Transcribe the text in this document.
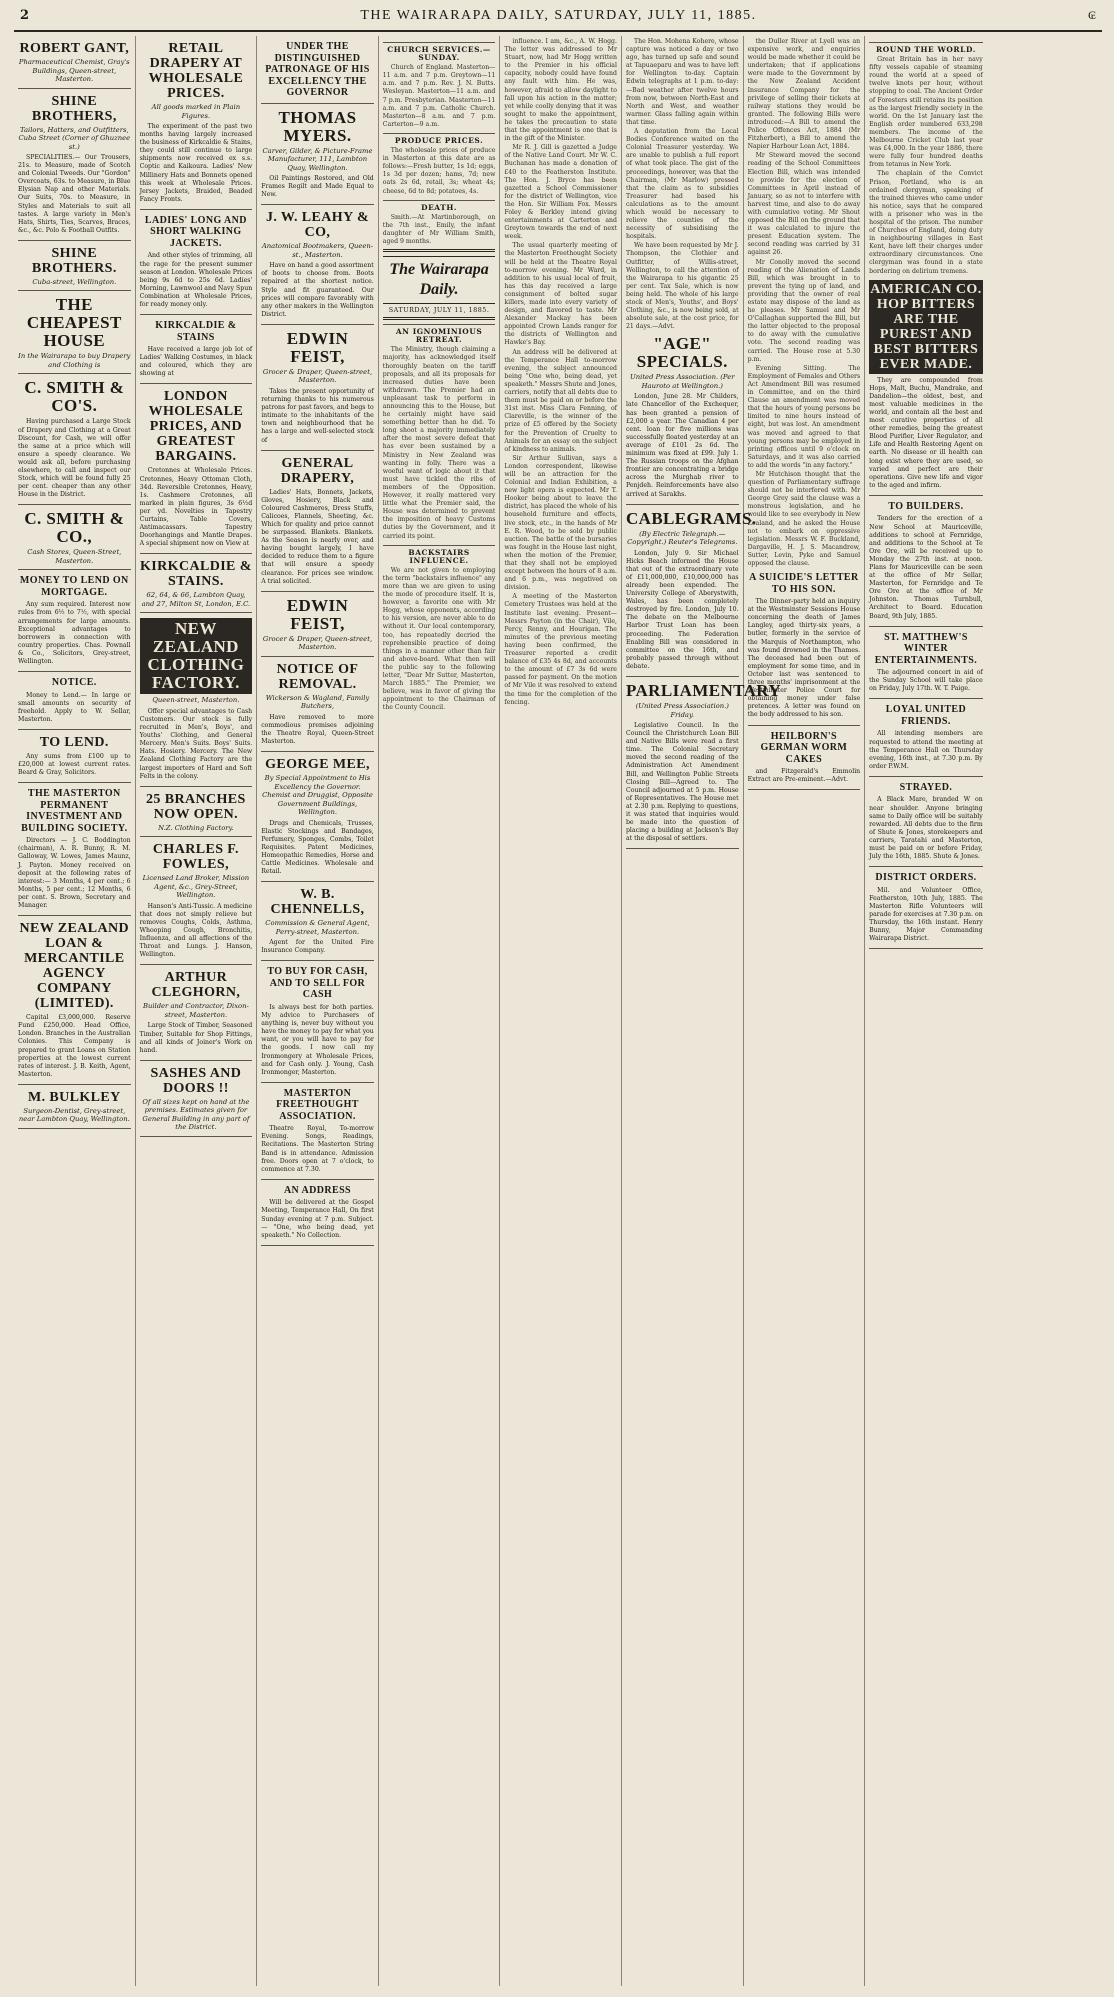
2	THE WAIRARAPA DAILY, SATURDAY, JULY 11, 1885.	₢
ROBERT GANT,
Pharmaceutical Chemist, Gray's Buildings, Queen-street, Masterton.
SHINE BROTHERS,
Tailors, Hatters, and Outfitters, Cuba Street (Corner of Ghuznee st.)
SPECIALITIES.— Our Trousers, 21s. to Measure, made of Scotch and Colonial Tweeds. Our "Gordon" Overcoats, 63s. to Measure, in Blue Elysian Nap and other Materials. Our Suits, 70s. to Measure, in Styles and Materials to suit all tastes. A large variety in Men's Hats, Shirts, Ties, Scarves, Braces, &c., &c. Polo & Football Outfits.
SHINE BROTHERS.
Cuba-street, Wellington.
THE CHEAPEST HOUSE
In the Wairarapa to buy Drapery and Clothing is
C. SMITH & CO'S.
Having purchased a Large Stock of Drapery and Clothing at a Great Discount, for Cash, we will offer the same at a price which will ensure a speedy clearance. We would ask all, before purchasing elsewhere, to call and inspect our Stock, which will be found fully 25 per cent. cheaper than any other House in the District.
C. SMITH & CO.,
Cash Stores, Queen-Street, Masterton.
MONEY TO LEND ON MORTGAGE.
Any sum required. Interest now rules from 6½ to 7½, with special arrangements for large amounts. Exceptional advantages to borrowers in connection with country properties. Chas. Pownall & Co., Solicitors, Grey-street, Wellington.
NOTICE.
Money to Lend.— In large or small amounts on security of freehold. Apply to W. Sellar, Masterton.
TO LEND.
Any sums from £100 up to £20,000 at lowest current rates. Beard & Gray, Solicitors.
THE MASTERTON PERMANENT INVESTMENT AND BUILDING SOCIETY.
Directors — J. C. Boddington (chairman), A. R. Bunny, R. M. Galloway, W. Lowes, James Maunz, J. Payton. Money received on deposit at the following rates of interest:— 3 Months, 4 per cent.; 6 Months, 5 per cent.; 12 Months, 6 per cent. S. Brown, Secretary and Manager.
NEW ZEALAND LOAN & MERCANTILE AGENCY COMPANY (LIMITED).
Capital £3,000,000. Reserve Fund £250,000. Head Office, London. Branches in the Australian Colonies. This Company is prepared to grant Loans on Station properties at the lowest current rates of interest. J. B. Keith, Agent, Masterton.
M. BULKLEY
Surgeon-Dentist, Grey-street, near Lambton Quay, Wellington.
RETAIL DRAPERY AT WHOLESALE PRICES.
All goods marked in Plain Figures.
The experiment of the past two months having largely increased the business of Kirkcaldie & Stains, they could still continue to large shipments now received ex s.s. Coptic and Kaikoura. Ladies' New Millinery Hats and Bonnets opened this week at Wholesale Prices. Jersey Jackets, Braided, Beaded Fancy Fronts.
LADIES' LONG AND SHORT WALKING JACKETS.
And other styles of trimming, all the rage for the present summer season at London. Wholesale Prices being 9s 6d to 25s 6d. Ladies' Morning, Lawnwool and Navy Spun Combination at Wholesale Prices, for ready money only.
KIRKCALDIE & STAINS
Have received a large job lot of Ladies' Walking Costumes, in black and coloured, which they are showing at
LONDON WHOLESALE PRICES, AND GREATEST BARGAINS.
Cretonnes at Wholesale Prices. Cretonnes, Heavy Ottoman Cloth, 34d. Reversible Cretonnes, Heavy, 1s. Cashmere Cretonnes, all marked in plain figures, 3s 6½d per yd. Novelties in Tapestry Curtains, Table Covers, Antimacassars. Tapestry Doorhangings and Mantle Drapes. A special shipment now on View at
KIRKCALDIE & STAINS.
62, 64, & 66, Lambton Quay, and 27, Milton St, London, E.C.
NEW ZEALAND CLOTHING FACTORY.
Queen-street, Masterton.
Offer special advantages to Cash Customers. Our stock is fully recruited in Men's, Boys', and Youths' Clothing, and General Mercery. Men's Suits. Boys' Suits. Hats. Hosiery. Mercery. The New Zealand Clothing Factory are the largest importers of Hard and Soft Felts in the colony.
25 BRANCHES NOW OPEN.
N.Z. Clothing Factory.
CHARLES F. FOWLES,
Licensed Land Broker, Mission Agent, &c., Grey-Street, Wellington.
Hanson's Anti-Tussic. A medicine that does not simply relieve but removes Coughs, Colds, Asthma, Whooping Cough, Bronchitis, Influenza, and all affections of the Throat and Lungs. J. Hanson, Wellington.
ARTHUR CLEGHORN,
Builder and Contractor, Dixon-street, Masterton.
Large Stock of Timber, Seasoned Timber, Suitable for Shop Fittings, and all kinds of Joiner's Work on hand.
SASHES AND DOORS !!
Of all sizes kept on hand at the premises. Estimates given for General Building in any part of the District.
UNDER THE DISTINGUISHED PATRONAGE OF HIS EXCELLENCY THE GOVERNOR
THOMAS MYERS.
Carver, Gilder, & Picture-Frame Manufacturer, 111, Lambton Quay, Wellington.
Oil Paintings Restored, and Old Frames Regilt and Made Equal to New.
J. W. LEAHY & CO,
Anatomical Bootmakers, Queen-st., Masterton.
Have on hand a good assortment of boots to choose from. Boots repaired at the shortest notice. Style and fit guaranteed. Our prices will compare favorably with any other makers in the Wellington District.
EDWIN FEIST,
Grocer & Draper, Queen-street, Masterton.
Takes the present opportunity of returning thanks to his numerous patrons for past favors, and begs to intimate to the inhabitants of the town and neighbourhood that he has a large and well-selected stock of
GENERAL DRAPERY,
Ladies' Hats, Bonnets, Jackets, Gloves, Hosiery, Black and Coloured Cashmeres, Dress Stuffs, Calicoes, Flannels, Sheeting, &c. Which for quality and price cannot be surpassed. Blankets. Blankets. As the Season is nearly over, and having bought largely, I have decided to reduce them to a figure that will ensure a speedy clearance. For prices see window. A trial solicited.
EDWIN FEIST,
Grocer & Draper, Queen-street, Masterton.
NOTICE OF REMOVAL.
Wickerson & Wagland, Family Butchers,
Have removed to more commodious premises adjoining the Theatre Royal, Queen-Street Masterton.
GEORGE MEE,
By Special Appointment to His Excellency the Governor. Chemist and Druggist, Opposite Government Buildings, Wellington.
Drugs and Chemicals, Trusses, Elastic Stockings and Bandages, Perfumery, Sponges, Combs, Toilet Requisites. Patent Medicines, Homeopathic Remedies, Horse and Cattle Medicines. Wholesale and Retail.
W. B. CHENNELLS,
Commission & General Agent, Perry-street, Masterton.
Agent for the United Fire Insurance Company.
TO BUY FOR CASH, AND TO SELL FOR CASH
Is always best for both parties. My advice to Purchasers of anything is, never buy without you have the money to pay for what you want, or you will have to pay for the goods. I now call my Ironmongery at Wholesale Prices, and for Cash only. J. Young, Cash Ironmonger, Masterton.
MASTERTON FREETHOUGHT ASSOCIATION.
Theatre Royal, To-morrow Evening. Songs, Readings, Recitations. The Masterton String Band is in attendance. Admission free. Doors open at 7 o'clock, to commence at 7.30.
AN ADDRESS
Will be delivered at the Gospel Meeting, Temperance Hall, On first Sunday evening at 7 p.m. Subject.— "One, who being dead, yet speaketh." No Collection.
CHURCH SERVICES.—SUNDAY.
Church of England. Masterton—11 a.m. and 7 p.m. Greytown—11 a.m. and 7 p.m. Rev. J. N. Butts. Wesleyan. Masterton—11 a.m. and 7 p.m. Presbyterian. Masterton—11 a.m. and 7 p.m. Catholic Church. Masterton—8 a.m. and 7 p.m. Carterton—9 a.m.
PRODUCE PRICES.
The wholesale prices of produce in Masterton at this date are as follows:—Fresh butter, 1s 1d; eggs, 1s 3d per dozen; hams, 7d; new oats 2s 6d, retail, 3s; wheat 4s; cheese, 6d to 8d; potatoes, 4s.
DEATH.
Smith.—At Martinborough, on the 7th inst., Emily, the infant daughter of Mr William Smith, aged 9 months.
The Wairarapa Daily.
SATURDAY, JULY 11, 1885.
AN IGNOMINIOUS RETREAT.
The Ministry, though claiming a majority, has acknowledged itself thoroughly beaten on the tariff proposals, and all its proposals for increased duties have been withdrawn. The Premier had an unpleasant task to perform in announcing this to the House, but he certainly might have said something better than he did. To long shoot a majority immediately after the most severe defeat that has ever been sustained by a Ministry in New Zealand was wanting in folly. There was a woeful want of logic about it that must have tickled the ribs of members of the Opposition. However, it really mattered very little what the Premier said, the House was determined to prevent the imposition of heavy Customs duties by the Government, and it carried its point.
BACKSTAIRS INFLUENCE.
We are not given to employing the term "backstairs influence" any more than we are given to using the mode of procedure itself. It is, however, a favorite one with Mr Hogg, whose opponents, according to his version, are never able to do without it. Our local contemporary, too, has repeatedly decried the reprehensible practice of doing things in a manner other than fair and above-board. What then will the public say to the following letter, "Dear Mr Sutter, Masterton, March 1885." The Premier, we believe, was in favor of giving the appointment to the Chairman of the County Council.
influence. I am, &c., A. W. Hogg. The letter was addressed to Mr Stuart, now, had Mr Hogg written to the Premier in his official capacity, nobody could have found any fault with him. He was, however, afraid to allow daylight to fall upon his action in the matter; yet while coolly denying that it was sought to make the appointment, he takes the precaution to state that the appointment is one that is in the gift of the Minister.
Mr R. J. Gill is gazetted a Judge of the Native Land Court. Mr W. C. Buchanan has made a donation of £40 to the Featherston Institute. The Hon. J. Bryce has been gazetted a School Commissioner for the district of Wellington, vice the Hon. Sir William Fox. Messrs Foley & Berkley intend giving entertainments at Carterton and Greytown towards the end of next week.
The usual quarterly meeting of the Masterton Freethought Society will be held at the Theatre Royal to-morrow evening. Mr Ward, in addition to his usual local of fruit, has this day received a large consignment of bolted sugar killers, made into every variety of design, and flavored to taste. Mr Alexander Mackay has been appointed Crown Lands ranger for the districts of Wellington and Hawke's Bay.
An address will be delivered at the Temperance Hall to-morrow evening, the subject announced being "One who, being dead, yet speaketh." Messrs Shute and Jones, carriers, notify that all debts due to them must be paid on or before the 31st inst. Miss Clara Fenning, of Clareville, is the winner of the prize of £5 offered by the Society for the Prevention of Cruelty to Animals for an essay on the subject of kindness to animals.
Sir Arthur Sullivan, says a London correspondent, likewise will be an attraction for the Colonial and Indian Exhibition, a new light opera is expected. Mr T. Hooker being about to leave the district, has placed the whole of his household furniture and effects, live stock, etc., in the hands of Mr E. R. Wood, to be sold by public auction. The battle of the bursaries was fought in the House last night, when the motion of the Premier, that they shall not be employed except between the hours of 8 a.m. and 6 p.m., was negatived on division.
A meeting of the Masterton Cemetery Trustees was held at the Institute last evening. Present—Messrs Payton (in the Chair), Vile, Percy, Renny, and Hourigan. The minutes of the previous meeting having been confirmed, the Treasurer reported a credit balance of £35 4s 8d, and accounts to the amount of £7 3s 6d were passed for payment. On the motion of Mr Vile it was resolved to extend the time for the completion of the fencing.
The Hon. Mohena Kohere, whose capture was noticed a day or two ago, has turned up safe and sound at Tapuaeparu and was to have left for Wellington to-day. Captain Edwin telegraphs at 1 p.m. to-day:—Bad weather after twelve hours from now, between North-East and North and West, and weather warmer. Glass falling again within that time.
A deputation from the Local Bodies Conference waited on the Colonial Treasurer yesterday. We are unable to publish a full report of what took place. The gist of the proceedings, however, was that the Chairman, (Mr Marlow) pressed that the claim as to subsidies Treasurer had based his calculations as to the amount which would be necessary to relieve the counties of the necessity of subsidising the hospitals.
We have been requested by Mr J. Thompson, the Clothier and Outfitter, of Willis-street, Wellington, to call the attention of the Wairarapa to his gigantic 25 per cent. Tax Sale, which is now being held. The whole of his large stock of Men's, Youths', and Boys' Clothing, &c., is now being sold, at absolute sale, at the cost price, for 21 days.—Advt.
"AGE" SPECIALS.
United Press Association. (Per Hauroto at Wellington.)
London, June 28. Mr Childers, late Chancellor of the Exchequer, has been granted a pension of £2,000 a year. The Canadian 4 per cent. loan for five millions was successfully floated yesterday at an average of £101 2s 6d. The minimum was fixed at £99. July 1. The Russian troops on the Afghan frontier are concentrating a bridge across the Murghab river to Penjdeh. Reinforcements have also arrived at Sarakhs.
CABLEGRAMS.
(By Electric Telegraph.—Copyright.) Reuter's Telegrams.
London, July 9. Sir Michael Hicks Beach informed the House that out of the extraordinary vote of £11,000,000, £10,000,000 has already been expended. The University College of Aberystwith, Wales, has been completely destroyed by fire. London, July 10. The debate on the Melbourne Harbor Trust Loan has been proceeding. The Federation Enabling Bill was considered in committee on the 16th, and probably passed through without debate.
PARLIAMENTARY
(United Press Association.) Friday.
Legislative Council. In the Council the Christchurch Loan Bill and Native Bills were read a first time. The Colonial Secretary moved the second reading of the Administration Act Amendment Bill, and Wellington Public Streets Closing Bill—Agreed to. The Council adjourned at 5 p.m. House of Representatives. The House met at 2.30 p.m. Replying to questions, it was stated that inquiries would be made into the question of placing a building at Jackson's Bay at the disposal of settlers.
the Duller River at Lyell was an expensive work, and enquiries would be made whether it could be undertaken; that if applications were made to the Government by the New Zealand Accident Insurance Company for the privilege of selling their tickets at railway stations they would be granted. The following Bills were introduced:—A Bill to amend the Police Offences Act, 1884 (Mr Fitzherbert), a Bill to amend the Napier Harbour Loan Act, 1884.
Mr Steward moved the second reading of the School Committees Election Bill, which was intended to provide for the election of Committees in April instead of January, so as not to interfere with harvest time, and also to do away with cumulative voting. Mr Shout opposed the Bill on the ground that it was calculated to injure the present Education system. The second reading was carried by 31 against 26.
Mr Conolly moved the second reading of the Alienation of Lands Bill, which was brought in to prevent the tying up of land, and providing that the owner of real estate may dispose of the land as he pleases. Mr Samuel and Mr O'Callaghan supported the Bill, but the latter objected to the proposal to do away with the cumulative vote. The second reading was carried. The House rose at 5.30 p.m.
Evening Sitting. The Employment of Females and Others Act Amendment Bill was resumed in Committee, and on the third Clause an amendment was moved that the hours of young persons be limited to nine hours instead of eight, but was lost. An amendment was moved and agreed to that young persons may be employed in printing offices until 9 o'clock on Saturdays, and it was also carried to add the words "in any factory."
Mr Hutchison thought that the question of Parliamentary suffrage should not be interfered with. Mr George Grey said the clause was a monstrous legislation, and he would like to see everybody in New Zealand, and he asked the House not to embark on oppressive legislation. Messrs W. F. Buckland, Dargaville, H. J. S. Macandrew, Sutter, Levin, Pyke and Samuel opposed the clause.
A SUICIDE'S LETTER TO HIS SON.
The Dinner-party held an inquiry at the Westminster Sessions House concerning the death of James Langley, aged thirty-six years, a butler, formerly in the service of the Marquis of Northampton, who was found drowned in the Thames. The deceased had been out of employment for some time, and in October last was sentenced to three months' imprisonment at the Westminster Police Court for obtaining money under false pretences. A letter was found on the body addressed to his son.
HEILBORN'S GERMAN WORM CAKES
and Fitzgerald's Emmolin Extract are Pre-eminent.—Advt.
ROUND THE WORLD.
Great Britain has in her navy fifty vessels capable of steaming round the world at a speed of twelve knots per hour, without stopping to coal. The Ancient Order of Foresters still retains its position as the largest friendly society in the world. On the 1st January last the English order numbered 633,298 members. The income of the Melbourne Cricket Club last year was £4,000. In the year 1886, there were fully four hundred deaths from tetanus in New York.
The chaplain of the Convict Prison, Portland, who is an ordained clergyman, speaking of the trained thieves who came under his notice, says that he compared with a prisoner who was in the hospital of the prison. The number of Churches of England, doing duty in neighbouring villages in East Kent, have left their charges under extraordinary circumstances. One clergyman was found in a state bordering on delirium tremens.
AMERICAN CO. HOP BITTERS ARE THE PUREST AND BEST BITTERS EVER MADE.
They are compounded from Hops, Malt, Buchu, Mandrake, and Dandelion—the oldest, best, and most valuable medicines in the world, and contain all the best and most curative properties of all other remedies, being the greatest Blood Purifier, Liver Regulator, and Life and Health Restoring Agent on earth. No disease or ill health can long exist where they are used, so varied and perfect are their operations. Give new life and vigor to the aged and infirm.
TO BUILDERS.
Tenders for the erection of a New School at Mauriceville, additions to school at Fernridge, and additions to the School at Te Ore Ore, will be received up to Monday the 27th inst. at noon. Plans for Mauriceville can be seen at the office of Mr Sellar, Masterton, for Fernridge and Te Ore Ore at the office of Mr Johnston. Thomas Turnbull, Architect to Board. Education Board, 9th July, 1885.
ST. MATTHEW'S WINTER ENTERTAINMENTS.
The adjourned concert in aid of the Sunday School will take place on Friday, July 17th. W. T. Paige.
LOYAL UNITED FRIENDS.
All intending members are requested to attend the meeting at the Temperance Hall on Thursday evening, 16th inst., at 7.30 p.m. By order P.W.M.
STRAYED.
A Black Mare, branded W on near shoulder. Anyone bringing same to Daily office will be suitably rewarded. All debts due to the firm of Shute & Jones, storekeepers and carriers, Taratahi and Masterton, must be paid on or before Friday, July the 16th, 1885. Shute & Jones.
DISTRICT ORDERS.
Mil. and Volunteer Office, Featherston, 10th July, 1885. The Masterton Rifle Volunteers will parade for exercises at 7.30 p.m. on Thursday, the 16th instant. Henry Bunny, Major Commanding Wairarapa District.
